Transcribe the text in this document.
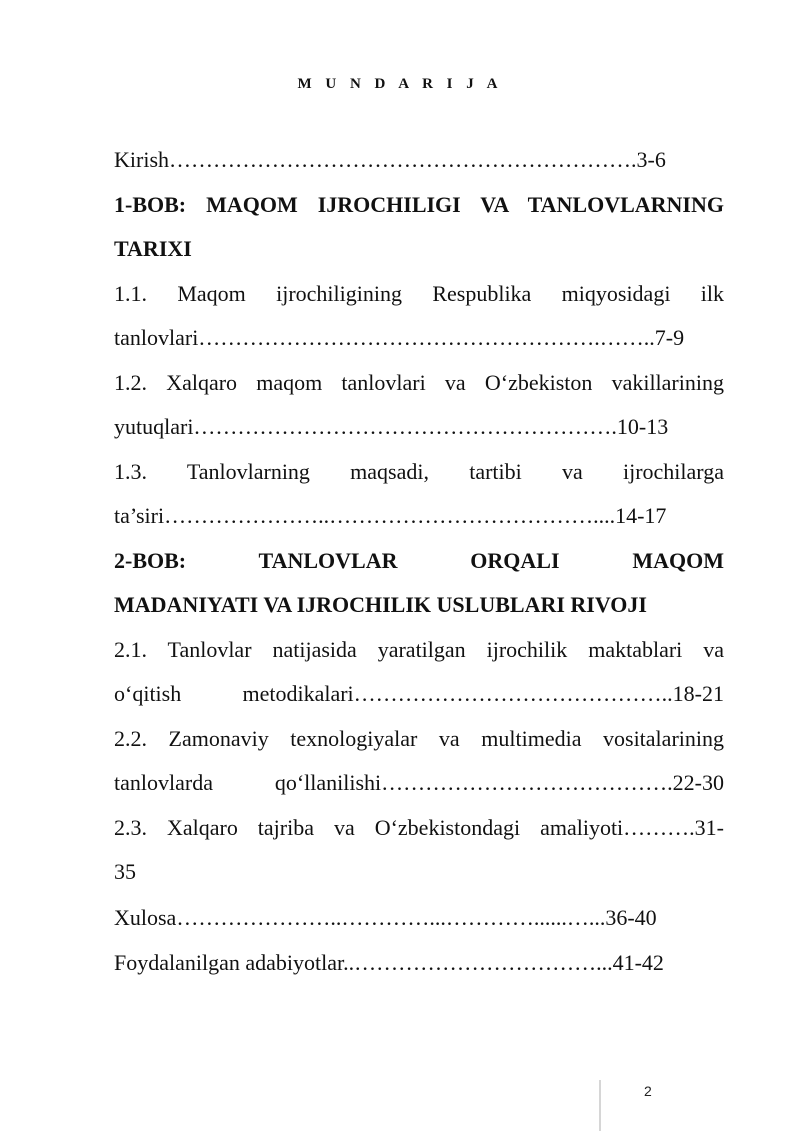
M U N D A R I J A
Kirish……………………………………………………….3-6
1-BOB: MAQOM IJROCHILIGI VA TANLOVLARNING
TARIXI
1.1. Maqom ijrochiligining Respublika miqyosidagi ilk
tanlovlari……………………………………………….……..7-9
1.2. Xalqaro maqom tanlovlari va O‘zbekiston vakillarining
yutuqlari………………………………………………….10-13
1.3. Tanlovlarning maqsadi, tartibi va ijrochilarga
ta’siri…………………..………………………………....14-17
2-BOB: TANLOVLAR ORQALI MAQOM
MADANIYATI VA IJROCHILIK USLUBLARI RIVOJI
2.1. Tanlovlar natijasida yaratilgan ijrochilik maktablari va
o‘qitish metodikalari……………………………………..18-21
2.2. Zamonaviy texnologiyalar va multimedia vositalarining
tanlovlarda qo‘llanilishi………………………………….22-30
2.3. Xalqaro tajriba va O‘zbekistondagi amaliyoti……….31-
35
Xulosa…………………..…………...…………......…...36-40
Foydalanilgan adabiyotlar..……………………………...41-42
2
